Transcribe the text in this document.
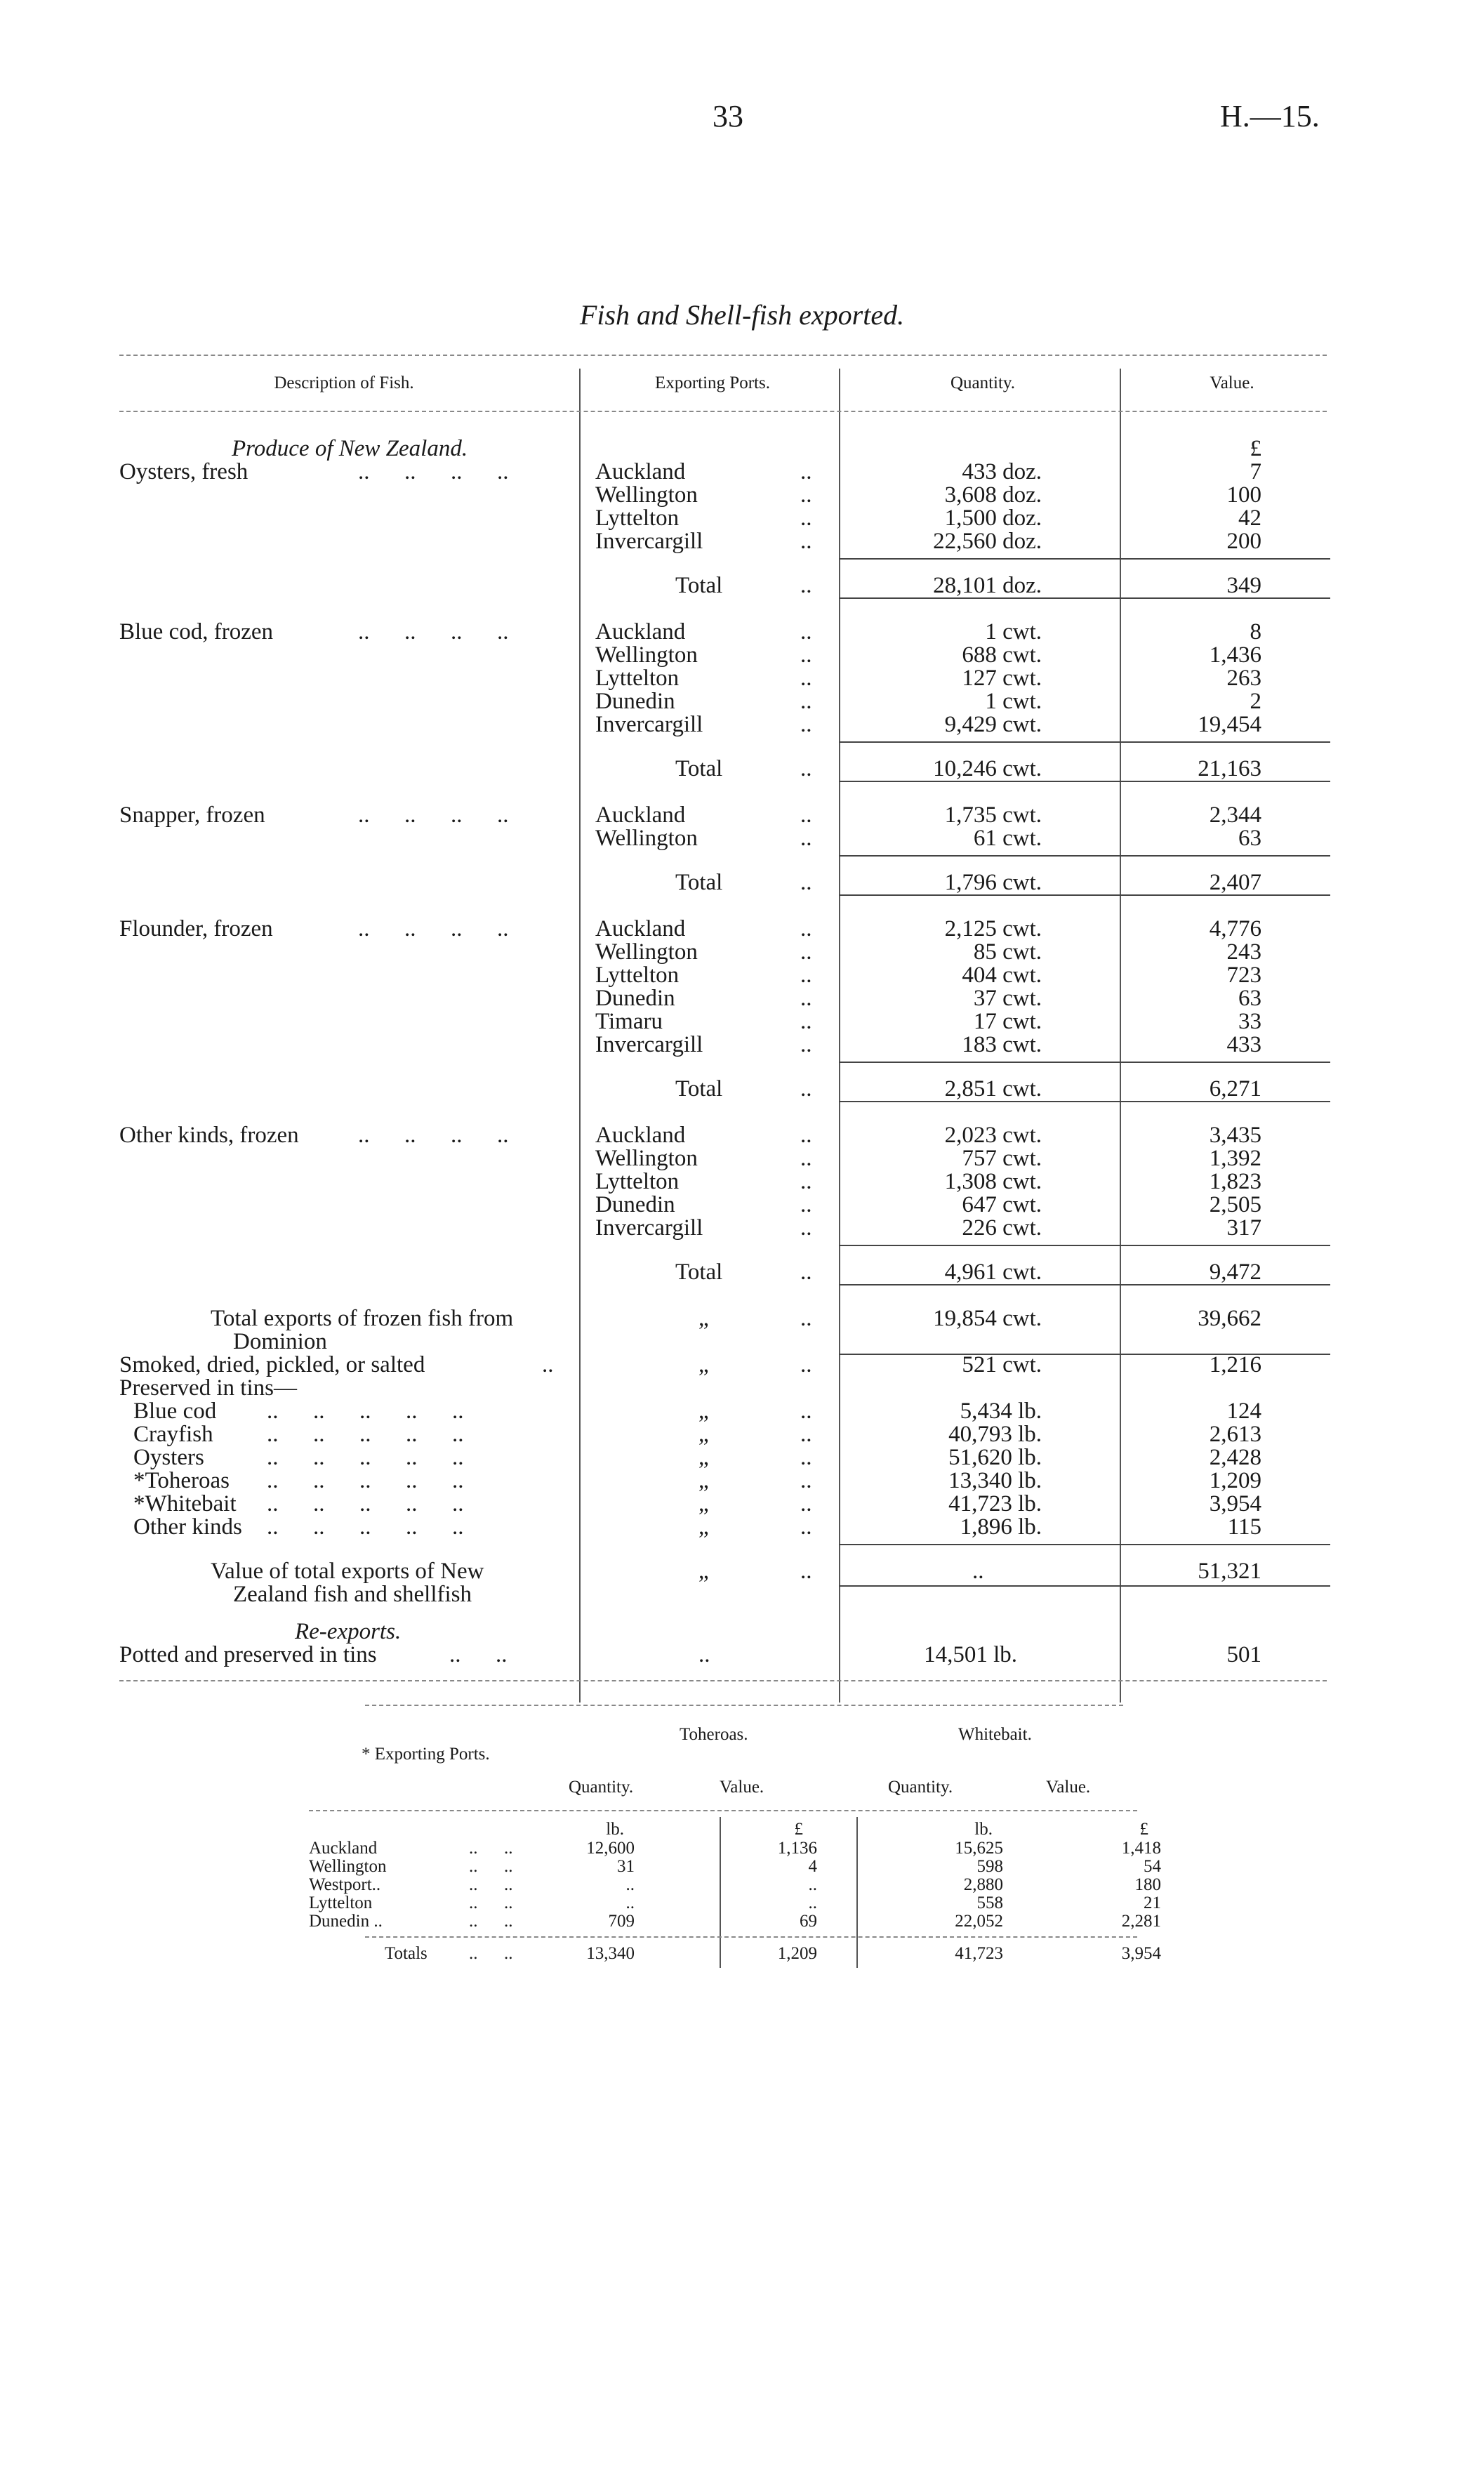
33	H.—15.
Fish and Shell-fish exported.
Description of Fish.	Exporting Ports.	Quantity.	Value.
Produce of New Zealand.	£
Oysters, fresh	..      ..      ..      ..	Auckland	..	433 doz.	7
Wellington	..	3,608 doz.	100
Lyttelton	..	1,500 doz.	42
Invercargill	..	22,560 doz.	200
Total	..	28,101 doz.	349
Blue cod, frozen	..      ..      ..      ..	Auckland	..	1 cwt.	8
Wellington	..	688 cwt.	1,436
Lyttelton	..	127 cwt.	263
Dunedin	..	1 cwt.	2
Invercargill	..	9,429 cwt.	19,454
Total	..	10,246 cwt.	21,163
Snapper, frozen	..      ..      ..      ..	Auckland	..	1,735 cwt.	2,344
Wellington	..	61 cwt.	63
Total	..	1,796 cwt.	2,407
Flounder, frozen	..      ..      ..      ..	Auckland	..	2,125 cwt.	4,776
Wellington	..	85 cwt.	243
Lyttelton	..	404 cwt.	723
Dunedin	..	37 cwt.	63
Timaru	..	17 cwt.	33
Invercargill	..	183 cwt.	433
Total	..	2,851 cwt.	6,271
Other kinds, frozen	..      ..      ..      ..	Auckland	..	2,023 cwt.	3,435
Wellington	..	757 cwt.	1,392
Lyttelton	..	1,308 cwt.	1,823
Dunedin	..	647 cwt.	2,505
Invercargill	..	226 cwt.	317
Total	..	4,961 cwt.	9,472
Total exports of frozen fish from	„	..	19,854 cwt.	39,662
Dominion
Smoked, dried, pickled, or salted	..	„	..	521 cwt.	1,216
Preserved in tins—
Blue cod ..      ..      ..      ..      ..	„	..	5,434 lb.	124
Crayfish ..      ..      ..      ..      ..	„	..	40,793 lb.	2,613
Oysters	..      ..      ..      ..      ..	„	..	51,620 lb.	2,428
*Toheroas ..      ..      ..      ..      ..	„	..	13,340 lb.	1,209
*Whitebait ..      ..      ..      ..      ..	„	..	41,723 lb.	3,954
Other kinds ..      ..      ..      ..      ..	„	..	1,896 lb.	115
Value of total exports of New	„	..	..	51,321
Zealand fish and shellfish
Re-exports.
Potted and preserved in tins	..      ..	..	14,501 lb.	501
Toheroas.	Whitebait.
* Exporting Ports.
Quantity.	Value.	Quantity.	Value.
lb.	£	lb.	£
Auckland	..      ..	12,600	1,136	15,625	1,418
Wellington	..      ..	31	4	598	54
Westport..	..      ..	..	..	2,880	180
Lyttelton	..      ..	..	..	558	21
Dunedin ..	..      ..	709	69	22,052	2,281
Totals ..      ..	13,340	1,209	41,723	3,954
